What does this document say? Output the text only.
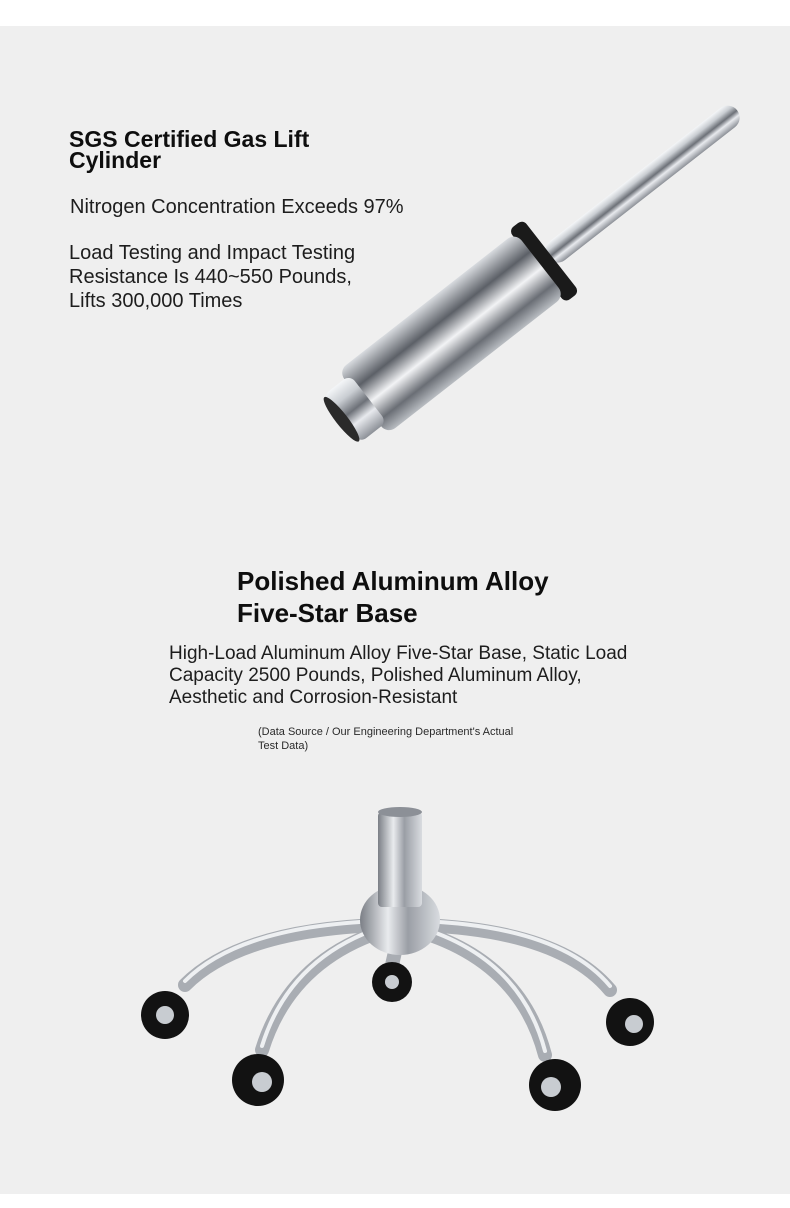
SGS Certified Gas Lift Cylinder

Nitrogen Concentration Exceeds 97%

Load Testing and Impact Testing Resistance Is 440~550 Pounds, Lifts 300,000 Times

Polished Aluminum Alloy Five-Star Base

High-Load Aluminum Alloy Five-Star Base, Static Load Capacity 2500 Pounds, Polished Aluminum Alloy, Aesthetic and Corrosion-Resistant

(Data Source / Our Engineering Department's Actual Test Data)
